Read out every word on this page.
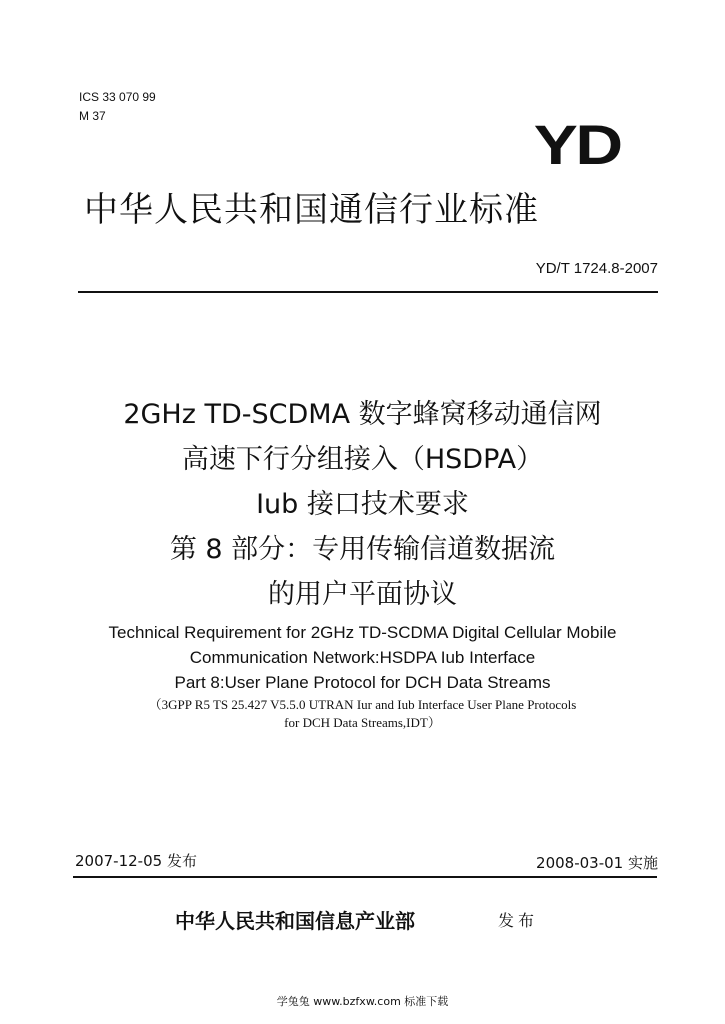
ICS 33 070 99
M 37	YD
中华人民共和国通信行业标准
YD/T 1724.8-2007
2GHz TD-SCDMA 数字蜂窝移动通信网
高速下行分组接入（HSDPA）
Iub 接口技术要求
第 8 部分：专用传输信道数据流
的用户平面协议
Technical Requirement for 2GHz TD-SCDMA Digital Cellular Mobile
Communication Network:HSDPA Iub Interface
Part 8:User Plane Protocol for DCH Data Streams
（3GPP R5 TS 25.427 V5.5.0 UTRAN Iur and Iub Interface User Plane Protocols
for DCH Data Streams,IDT）
2007-12-05 发布	2008-03-01 实施
中华人民共和国信息产业部	发布
学兔兔 www.bzfxw.com 标准下载
